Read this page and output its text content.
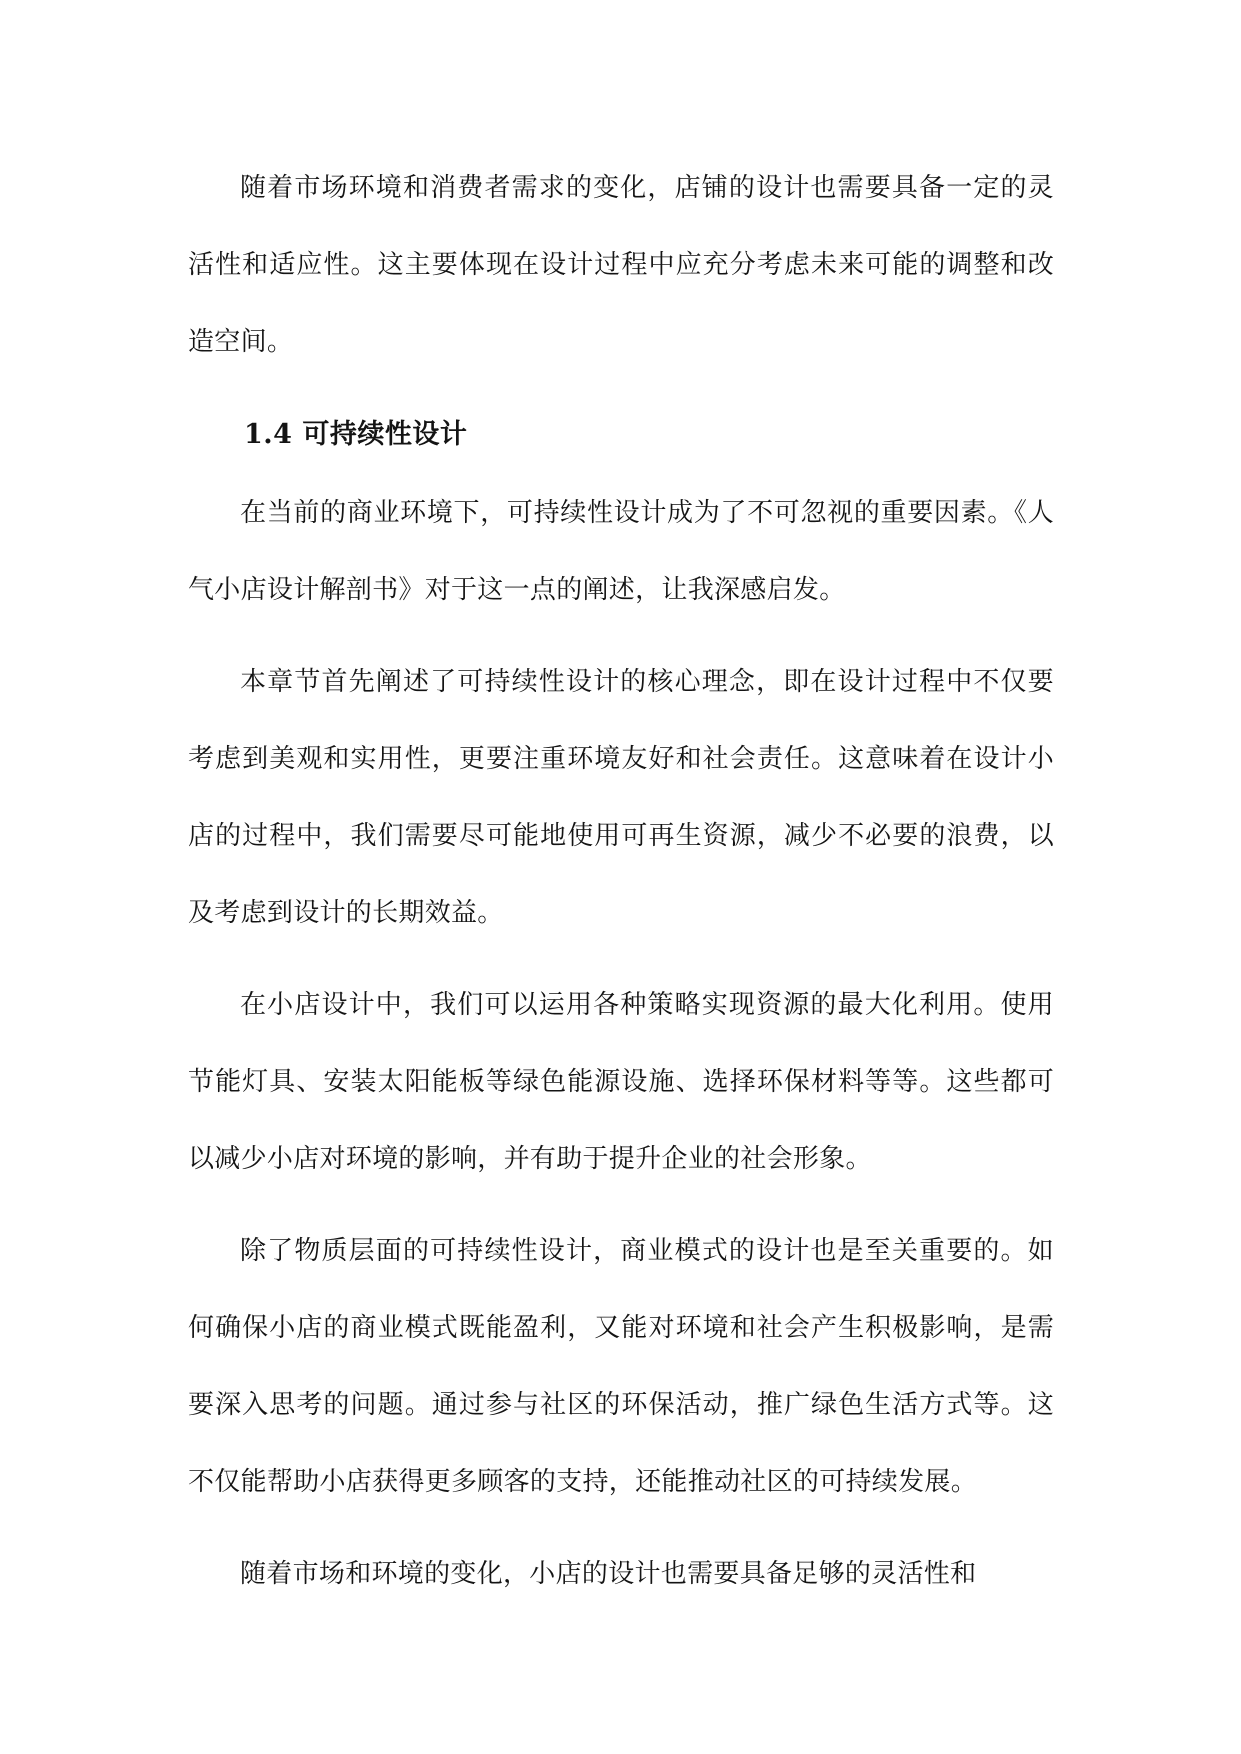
随着市场环境和消费者需求的变化，店铺的设计也需要具备一定的灵活性和适应性。这主要体现在设计过程中应充分考虑未来可能的调整和改造空间。

1.4 可持续性设计

在当前的商业环境下，可持续性设计成为了不可忽视的重要因素。《人气小店设计解剖书》对于这一点的阐述，让我深感启发。

本章节首先阐述了可持续性设计的核心理念，即在设计过程中不仅要考虑到美观和实用性，更要注重环境友好和社会责任。这意味着在设计小店的过程中，我们需要尽可能地使用可再生资源，减少不必要的浪费，以及考虑到设计的长期效益。

在小店设计中，我们可以运用各种策略实现资源的最大化利用。使用节能灯具、安装太阳能板等绿色能源设施、选择环保材料等等。这些都可以减少小店对环境的影响，并有助于提升企业的社会形象。

除了物质层面的可持续性设计，商业模式的设计也是至关重要的。如何确保小店的商业模式既能盈利，又能对环境和社会产生积极影响，是需要深入思考的问题。通过参与社区的环保活动，推广绿色生活方式等。这不仅能帮助小店获得更多顾客的支持，还能推动社区的可持续发展。

随着市场和环境的变化，小店的设计也需要具备足够的灵活性和
